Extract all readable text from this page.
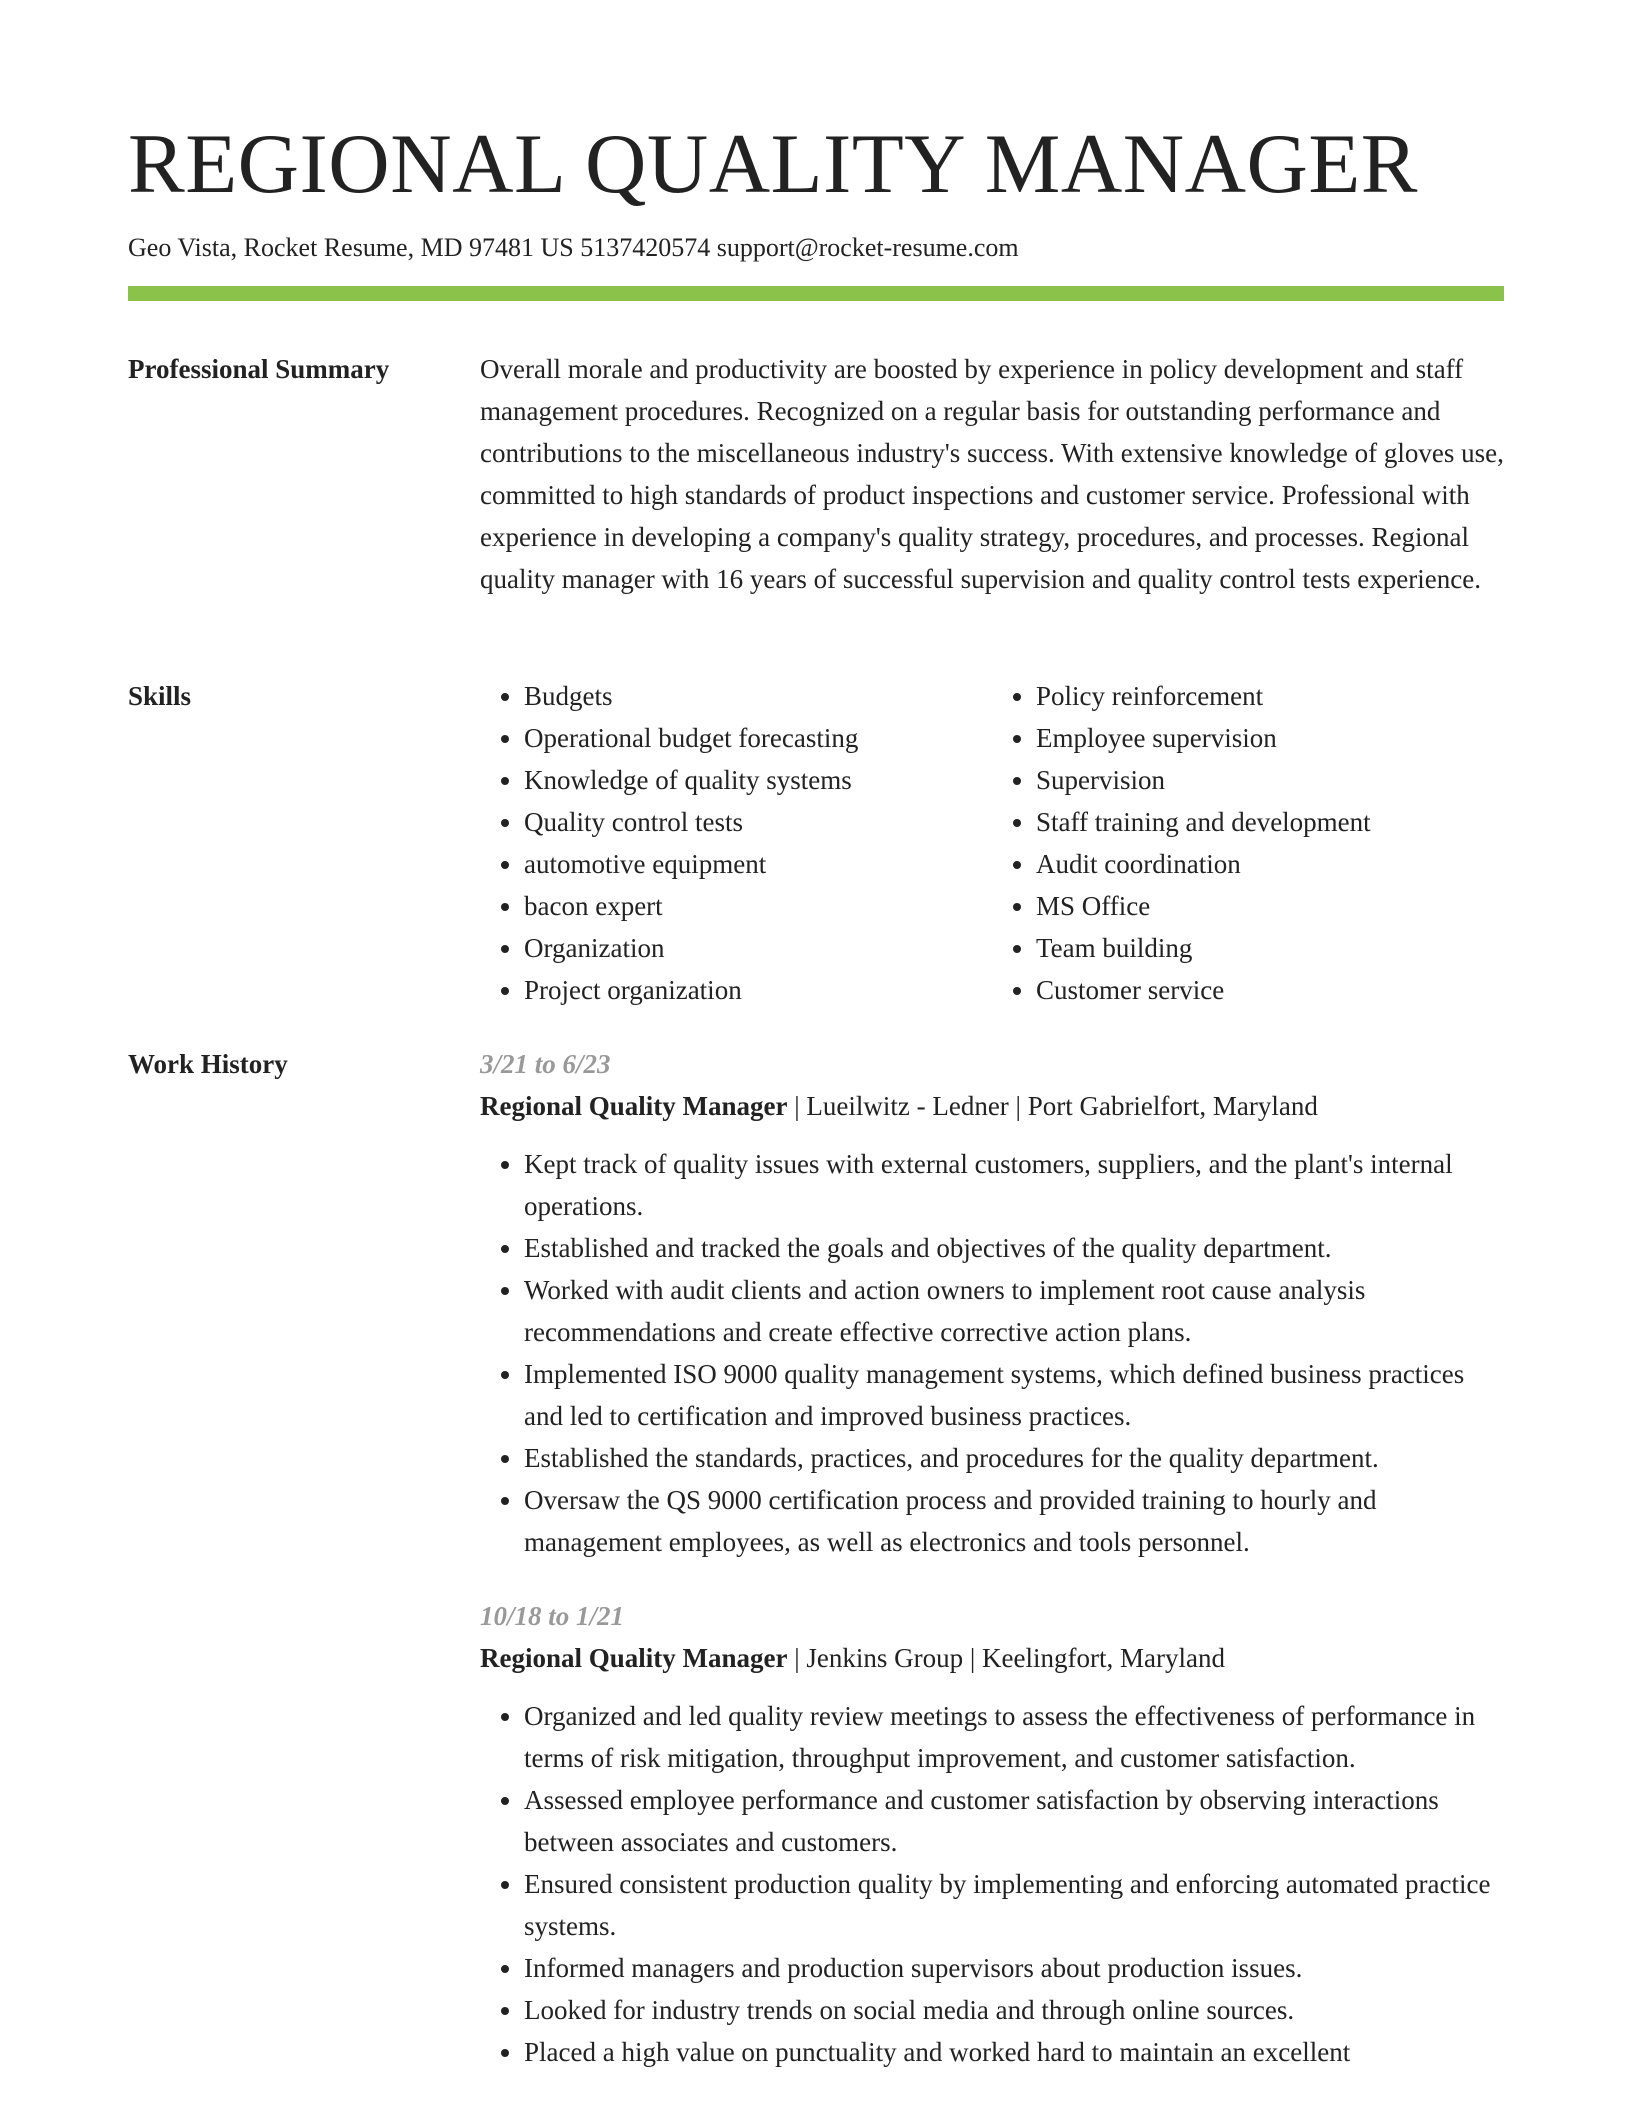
REGIONAL QUALITY MANAGER
Geo Vista, Rocket Resume, MD 97481 US 5137420574 support@rocket-resume.com
Professional Summary	Overall morale and productivity are boosted by experience in policy development and staff management procedures. Recognized on a regular basis for outstanding performance and contributions to the miscellaneous industry's success. With extensive knowledge of gloves use, committed to high standards of product inspections and customer service. Professional with experience in developing a company's quality strategy, procedures, and processes. Regional quality manager with 16 years of successful supervision and quality control tests experience.

Skills
•	Budgets
• Operational budget forecasting
• Knowledge of quality systems
• Quality control tests
• automotive equipment
• bacon expert
• Organization
• Project organization
• Policy reinforcement
• Employee supervision
• Supervision
• Staff training and development
• Audit coordination
• MS Office
• Team building
• Customer service
Work History	3/21 to 6/23
Regional Quality Manager | Lueilwitz - Ledner | Port Gabrielfort, Maryland
• Kept track of quality issues with external customers, suppliers, and the plant's internal operations.
• Established and tracked the goals and objectives of the quality department.
• Worked with audit clients and action owners to implement root cause analysis recommendations and create effective corrective action plans.
• Implemented ISO 9000 quality management systems, which defined business practices and led to certification and improved business practices.
• Established the standards, practices, and procedures for the quality department.
• Oversaw the QS 9000 certification process and provided training to hourly and management employees, as well as electronics and tools personnel.
10/18 to 1/21
Regional Quality Manager | Jenkins Group | Keelingfort, Maryland
• Organized and led quality review meetings to assess the effectiveness of performance in terms of risk mitigation, throughput improvement, and customer satisfaction.
• Assessed employee performance and customer satisfaction by observing interactions between associates and customers.
• Ensured consistent production quality by implementing and enforcing automated practice systems.
• Informed managers and production supervisors about production issues.
• Looked for industry trends on social media and through online sources.
• Placed a high value on punctuality and worked hard to maintain an excellent
